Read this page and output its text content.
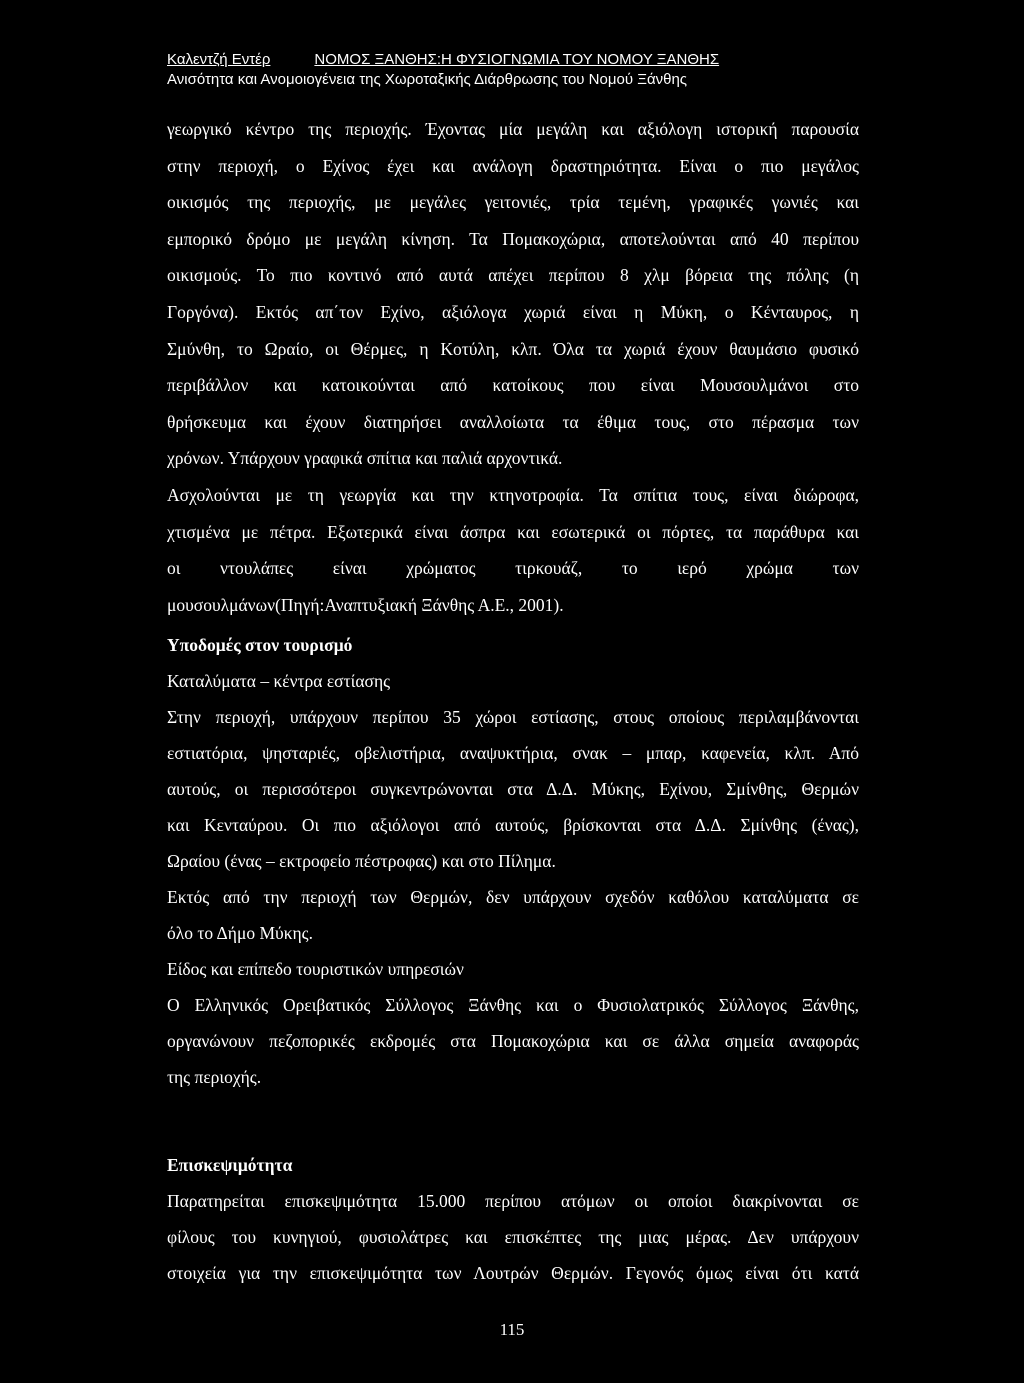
Καλεντζή Εντέρ	ΝΟΜΟΣ ΞΑΝΘΗΣ:Η ΦΥΣΙΟΓΝΩΜΙΑ ΤΟΥ ΝΟΜΟΥ ΞΑΝΘΗΣ
Ανισότητα και Ανομοιογένεια της Χωροταξικής Διάρθρωσης του Νομού Ξάνθης
γεωργικό κέντρο της περιοχής. Έχοντας μία μεγάλη και αξιόλογη ιστορική παρουσία
στην περιοχή, ο Εχίνος έχει και ανάλογη δραστηριότητα. Είναι ο πιο μεγάλος
οικισμός της περιοχής, με μεγάλες γειτονιές, τρία τεμένη, γραφικές γωνιές και
εμπορικό δρόμο με μεγάλη κίνηση. Τα Πομακοχώρια, αποτελούνται από 40 περίπου
οικισμούς. Το πιο κοντινό από αυτά απέχει περίπου 8 χλμ βόρεια της πόλης (η
Γοργόνα). Εκτός απ΄τον Εχίνο, αξιόλογα χωριά είναι η Μύκη, ο Κένταυρος, η
Σμύνθη, το Ωραίο, οι Θέρμες, η Κοτύλη, κλπ. Όλα τα χωριά έχουν θαυμάσιο φυσικό
περιβάλλον και κατοικούνται από κατοίκους που είναι Μουσουλμάνοι στο
θρήσκευμα και έχουν διατηρήσει αναλλοίωτα τα έθιμα τους, στο πέρασμα των
χρόνων. Υπάρχουν γραφικά σπίτια και παλιά αρχοντικά.
Ασχολούνται με τη γεωργία και την κτηνοτροφία. Τα σπίτια τους, είναι διώροφα,
χτισμένα με πέτρα. Εξωτερικά είναι άσπρα και εσωτερικά οι πόρτες, τα παράθυρα και
οι ντουλάπες είναι χρώματος τιρκουάζ, το ιερό χρώμα των
μουσουλμάνων(Πηγή:Αναπτυξιακή Ξάνθης Α.Ε., 2001).

Υποδομές στον τουρισμό

Καταλύματα – κέντρα εστίασης

Στην περιοχή, υπάρχουν περίπου 35 χώροι εστίασης, στους οποίους περιλαμβάνονται
εστιατόρια, ψησταριές, οβελιστήρια, αναψυκτήρια, σνακ – μπαρ, καφενεία, κλπ. Από
αυτούς, οι περισσότεροι συγκεντρώνονται στα Δ.Δ. Μύκης, Εχίνου, Σμίνθης, Θερμών
και Κενταύρου. Οι πιο αξιόλογοι από αυτούς, βρίσκονται στα Δ.Δ. Σμίνθης (ένας),
Ωραίου (ένας – εκτροφείο πέστροφας) και στο Πίλημα.
Εκτός από την περιοχή των Θερμών, δεν υπάρχουν σχεδόν καθόλου καταλύματα σε
όλο το Δήμο Μύκης.

Είδος και επίπεδο τουριστικών υπηρεσιών

Ο Ελληνικός Ορειβατικός Σύλλογος Ξάνθης και ο Φυσιολατρικός Σύλλογος Ξάνθης,
οργανώνουν πεζοπορικές εκδρομές στα Πομακοχώρια και σε άλλα σημεία αναφοράς
της περιοχής.

Επισκεψιμότητα

Παρατηρείται επισκεψιμότητα 15.000 περίπου ατόμων οι οποίοι διακρίνονται σε
φίλους του κυνηγιού, φυσιολάτρες και επισκέπτες της μιας μέρας. Δεν υπάρχουν
στοιχεία για την επισκεψιμότητα των Λουτρών Θερμών. Γεγονός όμως είναι ότι κατά
115
